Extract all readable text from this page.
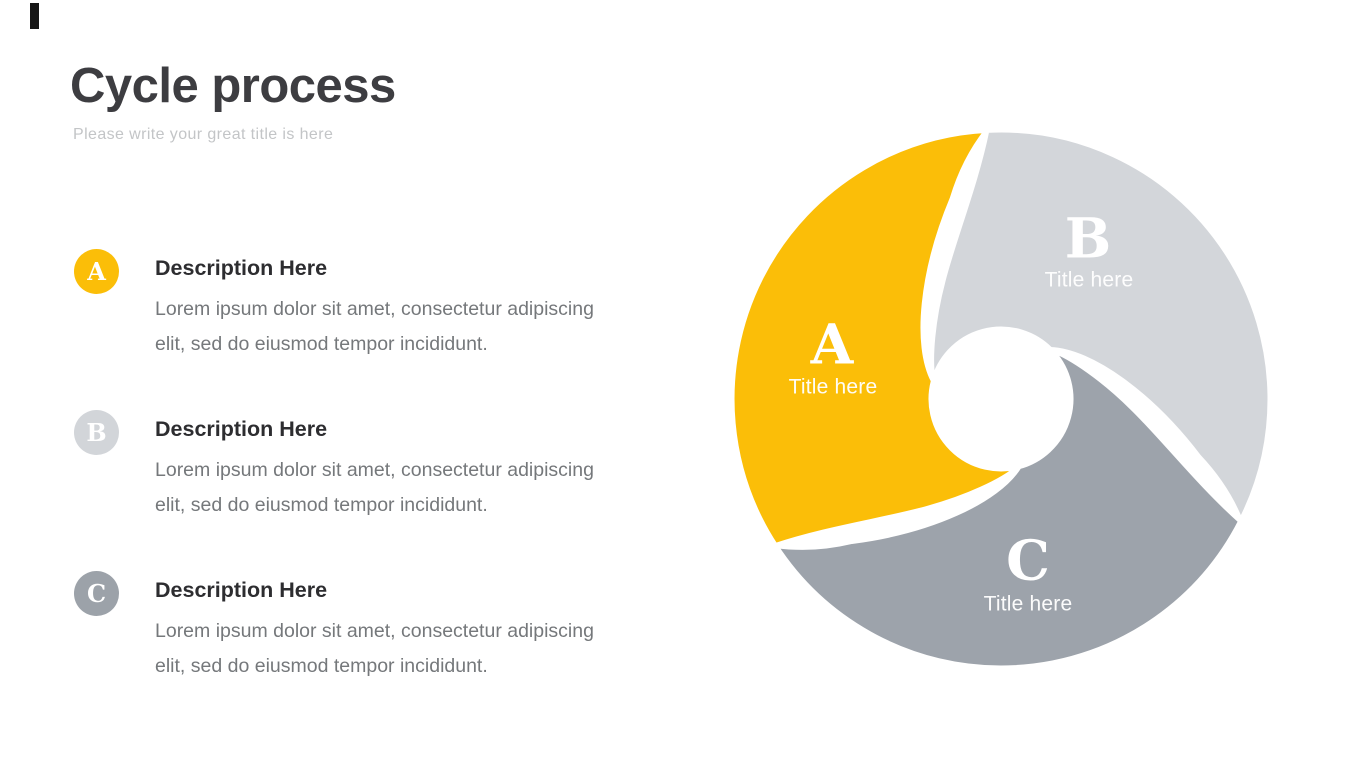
Cycle process
Please write your great title is here
A Description Here
Lorem ipsum dolor sit amet, consectetur adipiscing
elit, sed do eiusmod tempor incididunt.
B Description Here
Lorem ipsum dolor sit amet, consectetur adipiscing
elit, sed do eiusmod tempor incididunt.
C Description Here
Lorem ipsum dolor sit amet, consectetur adipiscing
elit, sed do eiusmod tempor incididunt.
A
Title here
B
Title here
C
Title here
